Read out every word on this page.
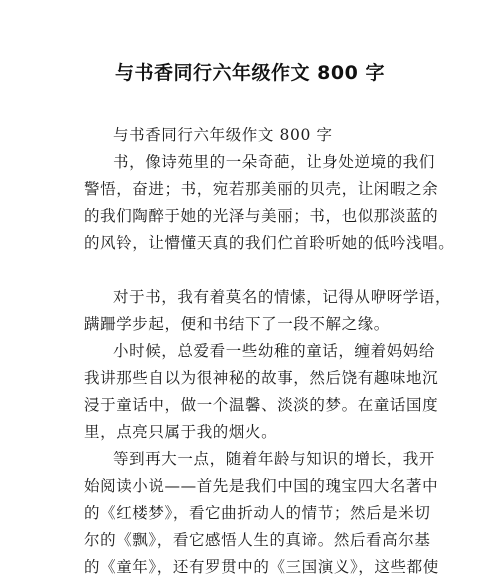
与书香同行六年级作文 800 字
与书香同行六年级作文 800 字
书，像诗苑里的一朵奇葩，让身处逆境的我们
警悟，奋进；书，宛若那美丽的贝壳，让闲暇之余
的我们陶醉于她的光泽与美丽；书，也似那淡蓝的
的风铃，让懵懂天真的我们伫首聆听她的低吟浅唱。
对于书，我有着莫名的情愫，记得从咿呀学语，
蹒跚学步起，便和书结下了一段不解之缘。
小时候，总爱看一些幼稚的童话，缠着妈妈给
我讲那些自以为很神秘的故事，然后饶有趣味地沉
浸于童话中，做一个温馨、淡淡的梦。在童话国度
里，点亮只属于我的烟火。
等到再大一点，随着年龄与知识的增长，我开
始阅读小说——首先是我们中国的瑰宝四大名著中
的《红楼梦》，看它曲折动人的情节；然后是米切
尔的《飘》，看它感悟人生的真谛。然后看高尔基
的《童年》，还有罗贯中的《三国演义》，这些都使
